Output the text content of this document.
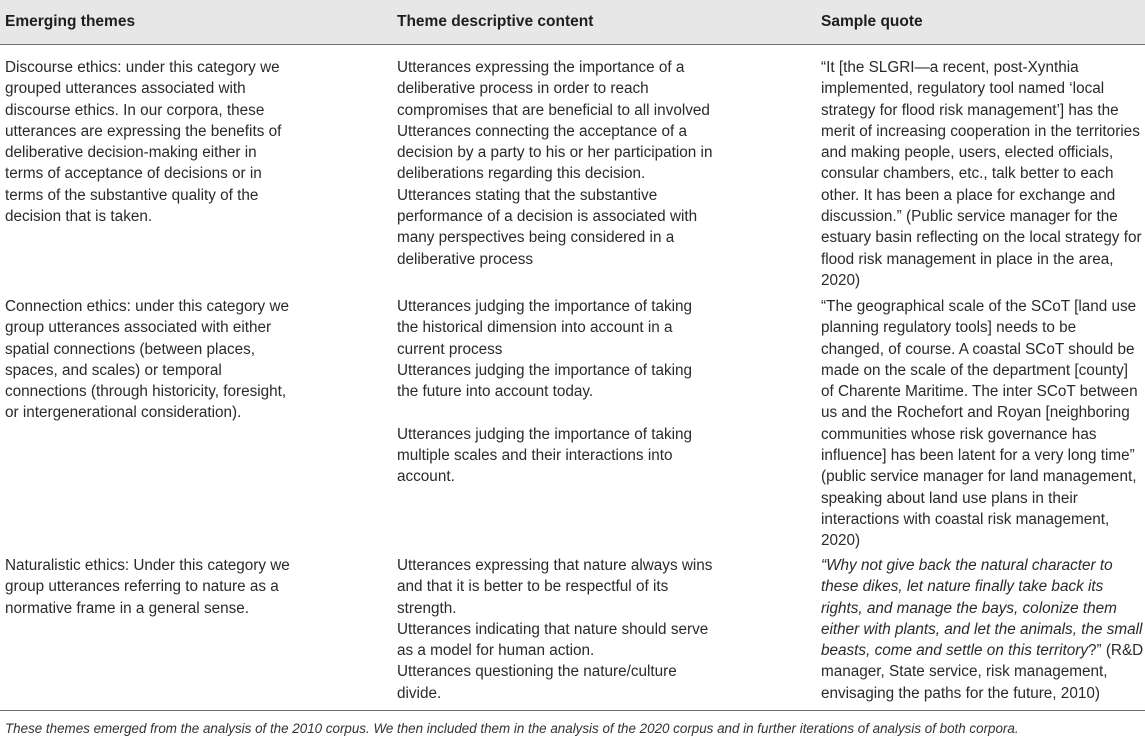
Emerging themes	Theme descriptive content	Sample quote
Discourse ethics: under this category we
grouped utterances associated with
discourse ethics. In our corpora, these
utterances are expressing the benefits of
deliberative decision-making either in
terms of acceptance of decisions or in
terms of the substantive quality of the
decision that is taken.
Utterances expressing the importance of a
deliberative process in order to reach
compromises that are beneficial to all involved
Utterances connecting the acceptance of a
decision by a party to his or her participation in
deliberations regarding this decision.
Utterances stating that the substantive
performance of a decision is associated with
many perspectives being considered in a
deliberative process
“It [the SLGRI—a recent, post-Xynthia
implemented, regulatory tool named ‘local
strategy for flood risk management’] has the
merit of increasing cooperation in the territories
and making people, users, elected officials,
consular chambers, etc., talk better to each
other. It has been a place for exchange and
discussion.” (Public service manager for the
estuary basin reflecting on the local strategy for
flood risk management in place in the area,
2020)
Connection ethics: under this category we
group utterances associated with either
spatial connections (between places,
spaces, and scales) or temporal
connections (through historicity, foresight,
or intergenerational consideration).
Utterances judging the importance of taking
the historical dimension into account in a
current process
Utterances judging the importance of taking
the future into account today.
Utterances judging the importance of taking
multiple scales and their interactions into
account.
“The geographical scale of the SCoT [land use
planning regulatory tools] needs to be
changed, of course. A coastal SCoT should be
made on the scale of the department [county]
of Charente Maritime. The inter SCoT between
us and the Rochefort and Royan [neighboring
communities whose risk governance has
influence] has been latent for a very long time”
(public service manager for land management,
speaking about land use plans in their
interactions with coastal risk management,
2020)
Naturalistic ethics: Under this category we
group utterances referring to nature as a
normative frame in a general sense.
Utterances expressing that nature always wins
and that it is better to be respectful of its
strength.
Utterances indicating that nature should serve
as a model for human action.
Utterances questioning the nature/culture
divide.
“Why not give back the natural character to
these dikes, let nature finally take back its
rights, and manage the bays, colonize them
either with plants, and let the animals, the small
beasts, come and settle on this territory?” (R&D
manager, State service, risk management,
envisaging the paths for the future, 2010)
These themes emerged from the analysis of the 2010 corpus. We then included them in the analysis of the 2020 corpus and in further iterations of analysis of both corpora.
